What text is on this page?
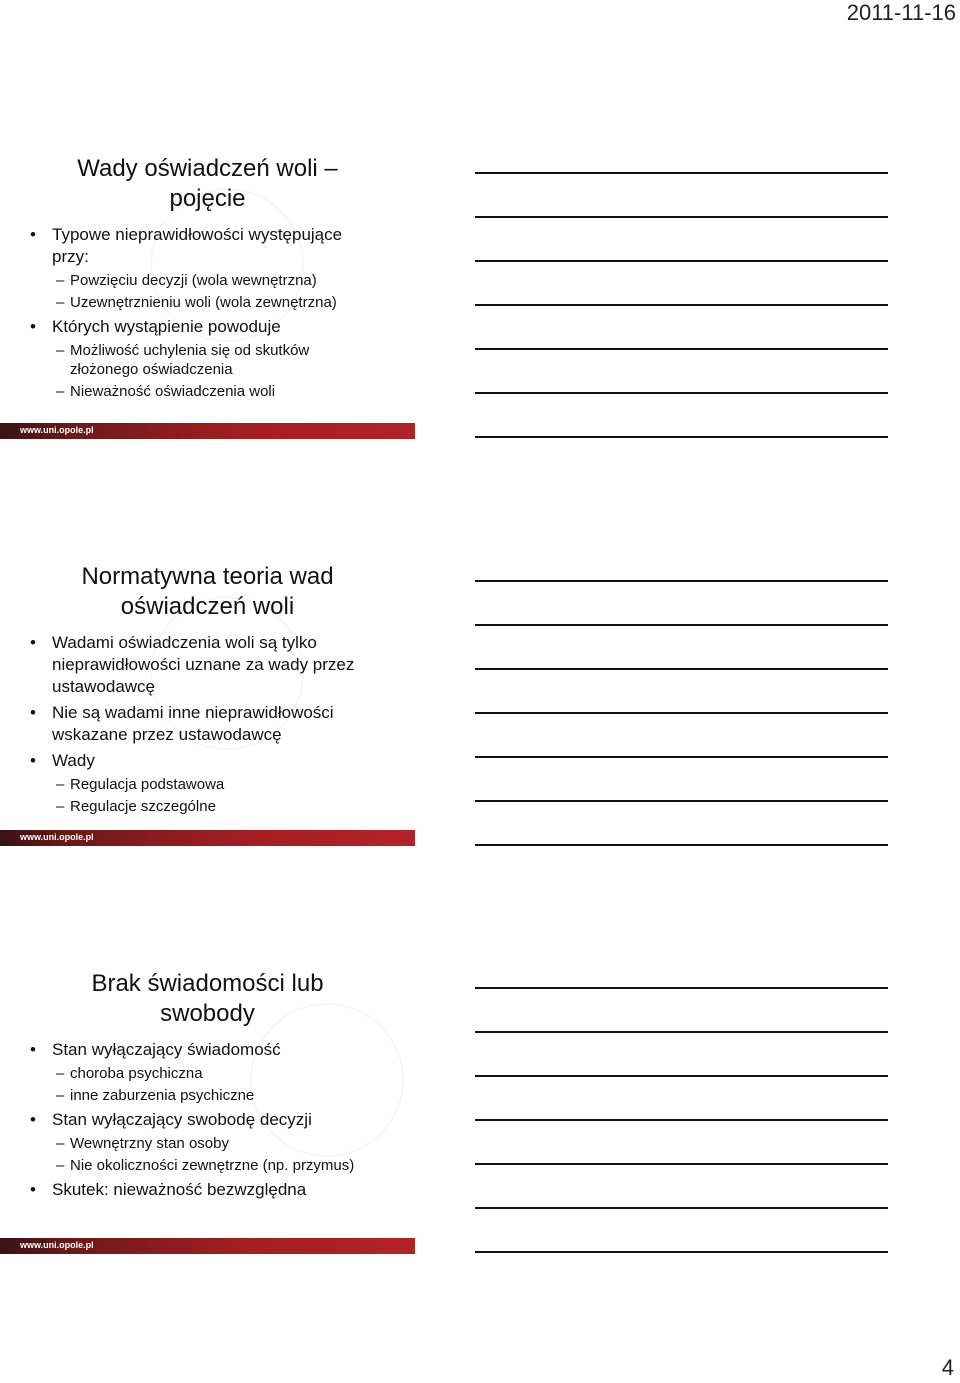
2011-11-16
Wady oświadczeń woli –
pojęcie
• Typowe nieprawidłowości występujące
przy:
– Powzięciu decyzji (wola wewnętrzna)
– Uzewnętrznieniu woli (wola zewnętrzna)
• Których wystąpienie powoduje
– Możliwość uchylenia się od skutków
złożonego oświadczenia
– Nieważność oświadczenia woli
www.uni.opole.pl
Normatywna teoria wad
oświadczeń woli
• Wadami oświadczenia woli są tylko
nieprawidłowości uznane za wady przez
ustawodawcę
• Nie są wadami inne nieprawidłowości
wskazane przez ustawodawcę
• Wady
– Regulacja podstawowa
– Regulacje szczególne
www.uni.opole.pl
Brak świadomości lub
swobody
• Stan wyłączający świadomość
– choroba psychiczna
– inne zaburzenia psychiczne
• Stan wyłączający swobodę decyzji
– Wewnętrzny stan osoby
– Nie okoliczności zewnętrzne (np. przymus)
• Skutek: nieważność bezwzględna
www.uni.opole.pl
4
